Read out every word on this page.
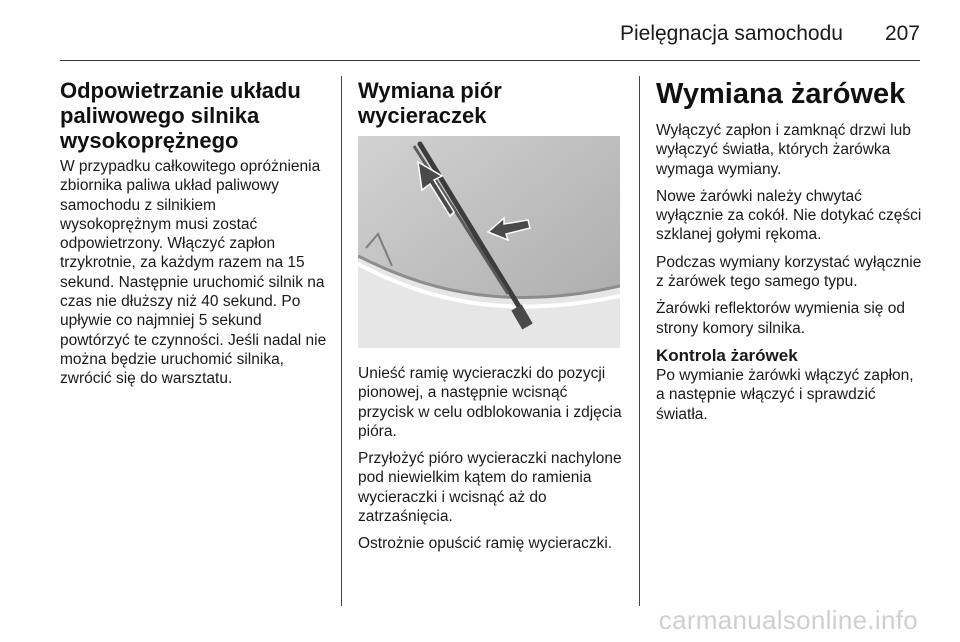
Pielęgnacja samochodu 207
Odpowietrzanie układu paliwowego silnika wysokoprężnego

W przypadku całkowitego opróżnienia zbiornika paliwa układ paliwowy samochodu z silnikiem wysokoprężnym musi zostać odpowietrzony. Włączyć zapłon trzykrotnie, za każdym razem na 15 sekund. Następnie uruchomić silnik na czas nie dłuższy niż 40 sekund. Po upływie co najmniej 5 sekund powtórzyć te czynności. Jeśli nadal nie można będzie uruchomić silnika, zwrócić się do warsztatu.

Wymiana piór wycieraczek

Unieść ramię wycieraczki do pozycji pionowej, a następnie wcisnąć przycisk w celu odblokowania i zdjęcia pióra.

Przyłożyć pióro wycieraczki nachylone pod niewielkim kątem do ramienia wycieraczki i wcisnąć aż do zatrzaśnięcia.

Ostrożnie opuścić ramię wycieraczki.

Wymiana żarówek

Wyłączyć zapłon i zamknąć drzwi lub wyłączyć światła, których żarówka wymaga wymiany.

Nowe żarówki należy chwytać wyłącznie za cokół. Nie dotykać części szklanej gołymi rękoma.

Podczas wymiany korzystać wyłącznie z żarówek tego samego typu.

Żarówki reflektorów wymienia się od strony komory silnika.

Kontrola żarówek

Po wymianie żarówki włączyć zapłon, a następnie włączyć i sprawdzić światła.

carmanualsonline.info
